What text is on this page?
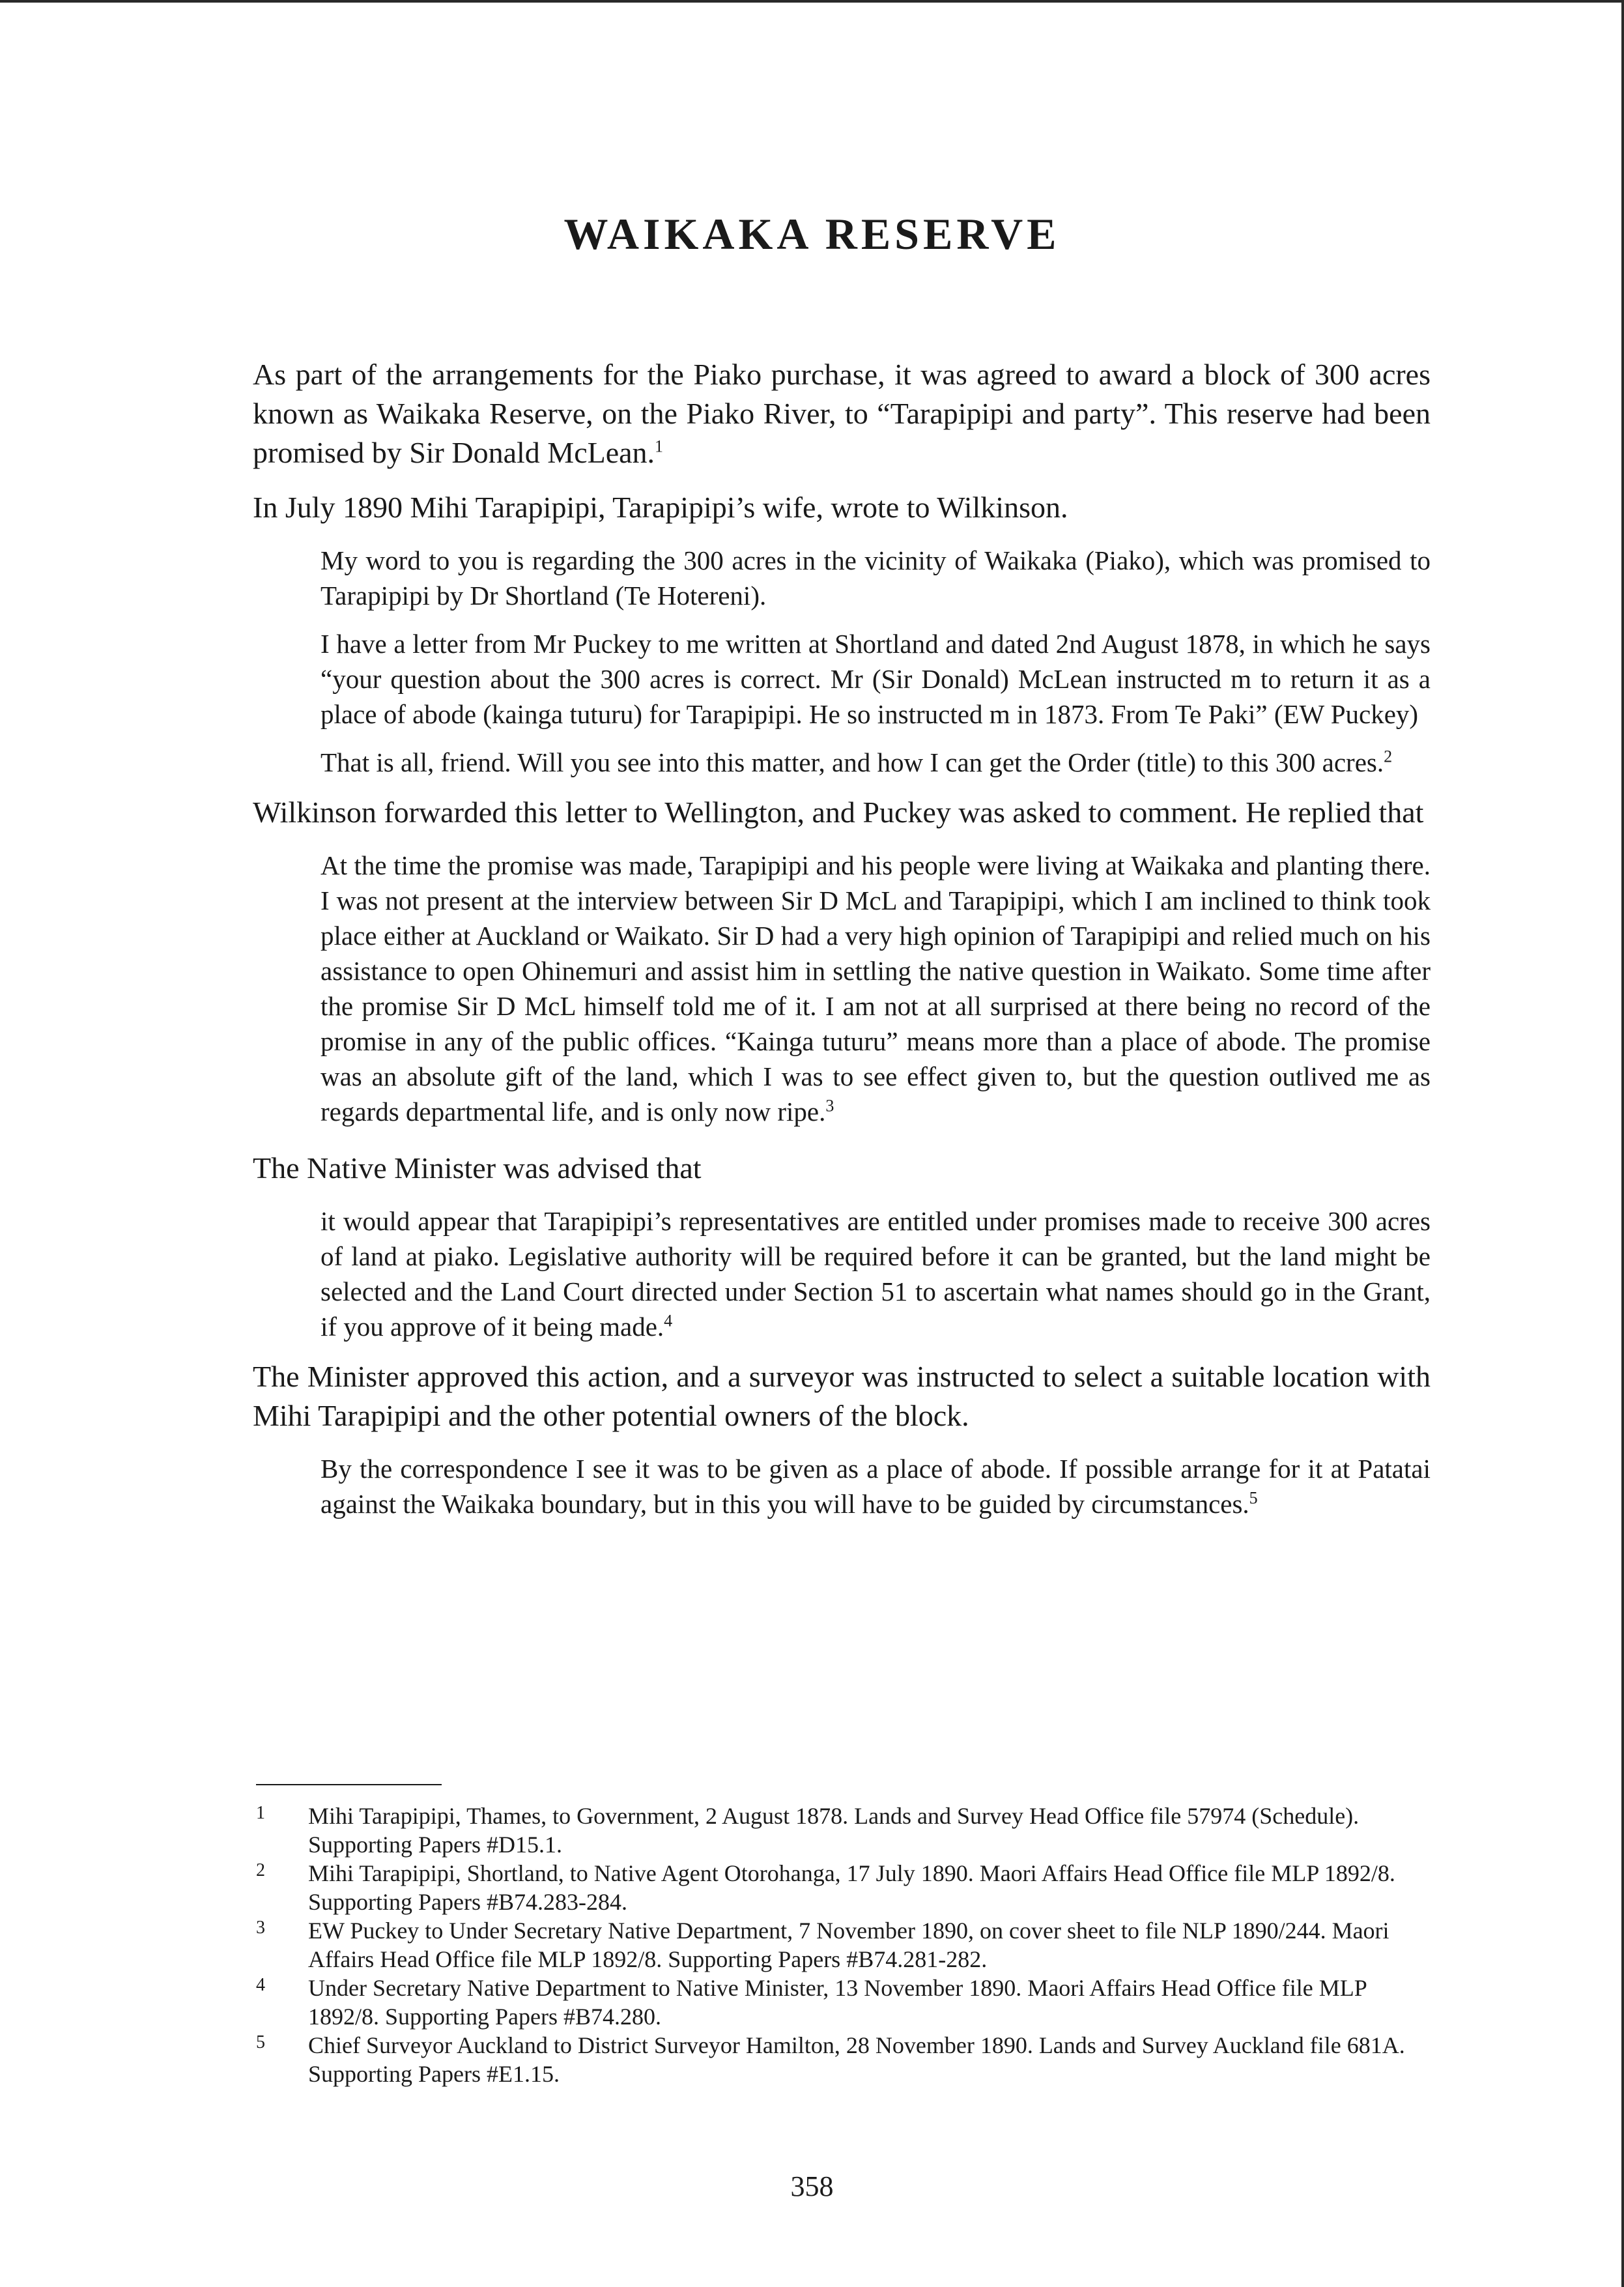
WAIKAKA RESERVE

As part of the arrangements for the Piako purchase, it was agreed to award a block of 300 acres known as Waikaka Reserve, on the Piako River, to “Tarapipipi and party”. This reserve had been promised by Sir Donald McLean.$^1$

In July 1890 Mihi Tarapipipi, Tarapipipi’s wife, wrote to Wilkinson.

My word to you is regarding the 300 acres in the vicinity of Waikaka (Piako), which was promised to Tarapipipi by Dr Shortland (Te Hotereni).

I have a letter from Mr Puckey to me written at Shortland and dated 2nd August 1878, in which he says “your question about the 300 acres is correct. Mr (Sir Donald) McLean instructed m to return it as a place of abode (kainga tuturu) for Tarapipipi. He so instructed m in 1873. From Te Paki” (EW Puckey)

That is all, friend. Will you see into this matter, and how I can get the Order (title) to this 300 acres.$^2$

Wilkinson forwarded this letter to Wellington, and Puckey was asked to comment. He replied that

At the time the promise was made, Tarapipipi and his people were living at Waikaka and planting there. I was not present at the interview between Sir D McL and Tarapipipi, which I am inclined to think took place either at Auckland or Waikato. Sir D had a very high opinion of Tarapipipi and relied much on his assistance to open Ohinemuri and assist him in settling the native question in Waikato. Some time after the promise Sir D McL himself told me of it. I am not at all surprised at there being no record of the promise in any of the public offices. “Kainga tuturu” means more than a place of abode. The promise was an absolute gift of the land, which I was to see effect given to, but the question outlived me as regards departmental life, and is only now ripe.$^3$

The Native Minister was advised that

it would appear that Tarapipipi’s representatives are entitled under promises made to receive 300 acres of land at piako. Legislative authority will be required before it can be granted, but the land might be selected and the Land Court directed under Section 51 to ascertain what names should go in the Grant, if you approve of it being made.$^4$

The Minister approved this action, and a surveyor was instructed to select a suitable location with Mihi Tarapipipi and the other potential owners of the block.

By the correspondence I see it was to be given as a place of abode. If possible arrange for it at Patatai against the Waikaka boundary, but in this you will have to be guided by circumstances.$^5$

1	Mihi Tarapipipi, Thames, to Government, 2 August 1878. Lands and Survey Head Office file 57974 (Schedule). Supporting Papers #D15.1.
2	Mihi Tarapipipi, Shortland, to Native Agent Otorohanga, 17 July 1890. Maori Affairs Head Office file MLP 1892/8. Supporting Papers #B74.283-284.
3	EW Puckey to Under Secretary Native Department, 7 November 1890, on cover sheet to file NLP 1890/244. Maori Affairs Head Office file MLP 1892/8. Supporting Papers #B74.281-282.
4	Under Secretary Native Department to Native Minister, 13 November 1890. Maori Affairs Head Office file MLP 1892/8. Supporting Papers #B74.280.
5	Chief Surveyor Auckland to District Surveyor Hamilton, 28 November 1890. Lands and Survey Auckland file 681A. Supporting Papers #E1.15.
358
